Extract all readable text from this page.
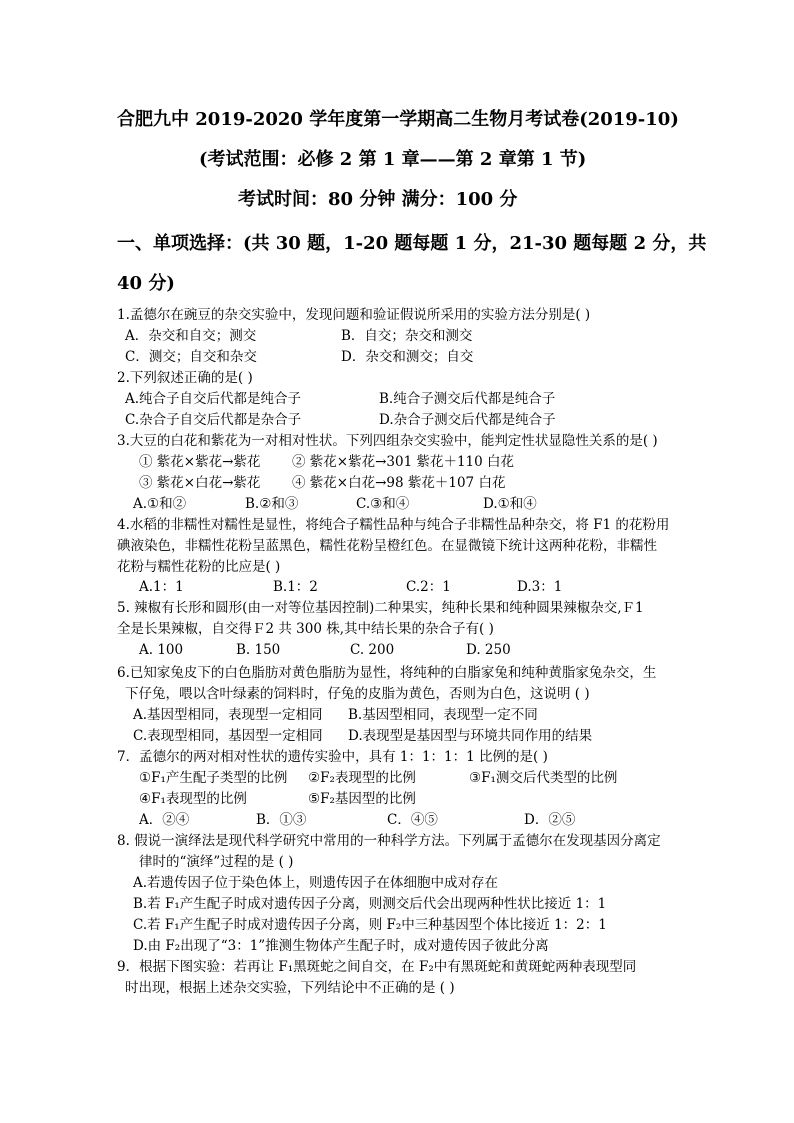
合肥九中 2019-2020 学年度第一学期高二生物月考试卷(2019-10)
(考试范围：必修 2 第 1 章——第 2 章第 1 节)
考试时间：80 分钟 满分：100 分
一、单项选择：(共 30 题，1-20 题每题 1 分，21-30 题每题 2 分，共
40 分)
1.孟德尔在豌豆的杂交实验中，发现问题和验证假说所采用的实验方法分别是( )
A．杂交和自交；测交	B．自交；杂交和测交
C．测交；自交和杂交	D．杂交和测交；自交
2.下列叙述正确的是( )
A.纯合子自交后代都是纯合子	B.纯合子测交后代都是纯合子
C.杂合子自交后代都是杂合子	D.杂合子测交后代都是纯合子
3.大豆的白花和紫花为一对相对性状。下列四组杂交实验中，能判定性状显隐性关系的是( )
① 紫花×紫花→紫花 ② 紫花×紫花→301 紫花＋110 白花
③ 紫花×白花→紫花 ④ 紫花×白花→98 紫花＋107 白花
A.①和②	B.②和③	C.③和④	D.①和④
4.水稻的非糯性对糯性是显性，将纯合子糯性品种与纯合子非糯性品种杂交，将 F1 的花粉用
碘液染色，非糯性花粉呈蓝黑色，糯性花粉呈橙红色。在显微镜下统计这两种花粉，非糯性
花粉与糯性花粉的比应是( )
A.1：1	B.1：2	C.2：1	D.3：1
5. 辣椒有长形和圆形(由一对等位基因控制)二种果实，纯种长果和纯种圆果辣椒杂交,Ｆ1
全是长果辣椒，自交得Ｆ2 共 300 株,其中结长果的杂合子有( )
A. 100	B. 150	C. 200	D. 250
6.已知家兔皮下的白色脂肪对黄色脂肪为显性，将纯种的白脂家兔和纯种黄脂家兔杂交，生
下仔兔，喂以含叶绿素的饲料时，仔兔的皮脂为黄色，否则为白色，这说明 ( )
A.基因型相同，表现型一定相同 B.基因型相同，表现型一定不同
C.表现型相同，基因型一定相同 D.表现型是基因型与环境共同作用的结果
7．孟德尔的两对相对性状的遗传实验中，具有 1：1：1：1 比例的是( )
①F₁产生配子类型的比例 ②F₂表现型的比例	③F₁测交后代类型的比例
④F₁表现型的比例	⑤F₂基因型的比例
A．②④	B．①③	C．④⑤	D．②⑤
8. 假说一演绎法是现代科学研究中常用的一种科学方法。下列属于孟德尔在发现基因分离定
律时的“演绎”过程的是 ( )
A.若遗传因子位于染色体上，则遗传因子在体细胞中成对存在
B.若 F₁产生配子时成对遗传因子分离，则测交后代会出现两种性状比接近 1：1
C.若 F₁产生配子时成对遗传因子分离，则 F₂中三种基因型个体比接近 1：2：1
D.由 F₂出现了“3：1”推测生物体产生配子时，成对遗传因子彼此分离
9．根据下图实验：若再让 F₁黑斑蛇之间自交，在 F₂中有黑斑蛇和黄斑蛇两种表现型同
时出现，根据上述杂交实验，下列结论中不正确的是 ( )
